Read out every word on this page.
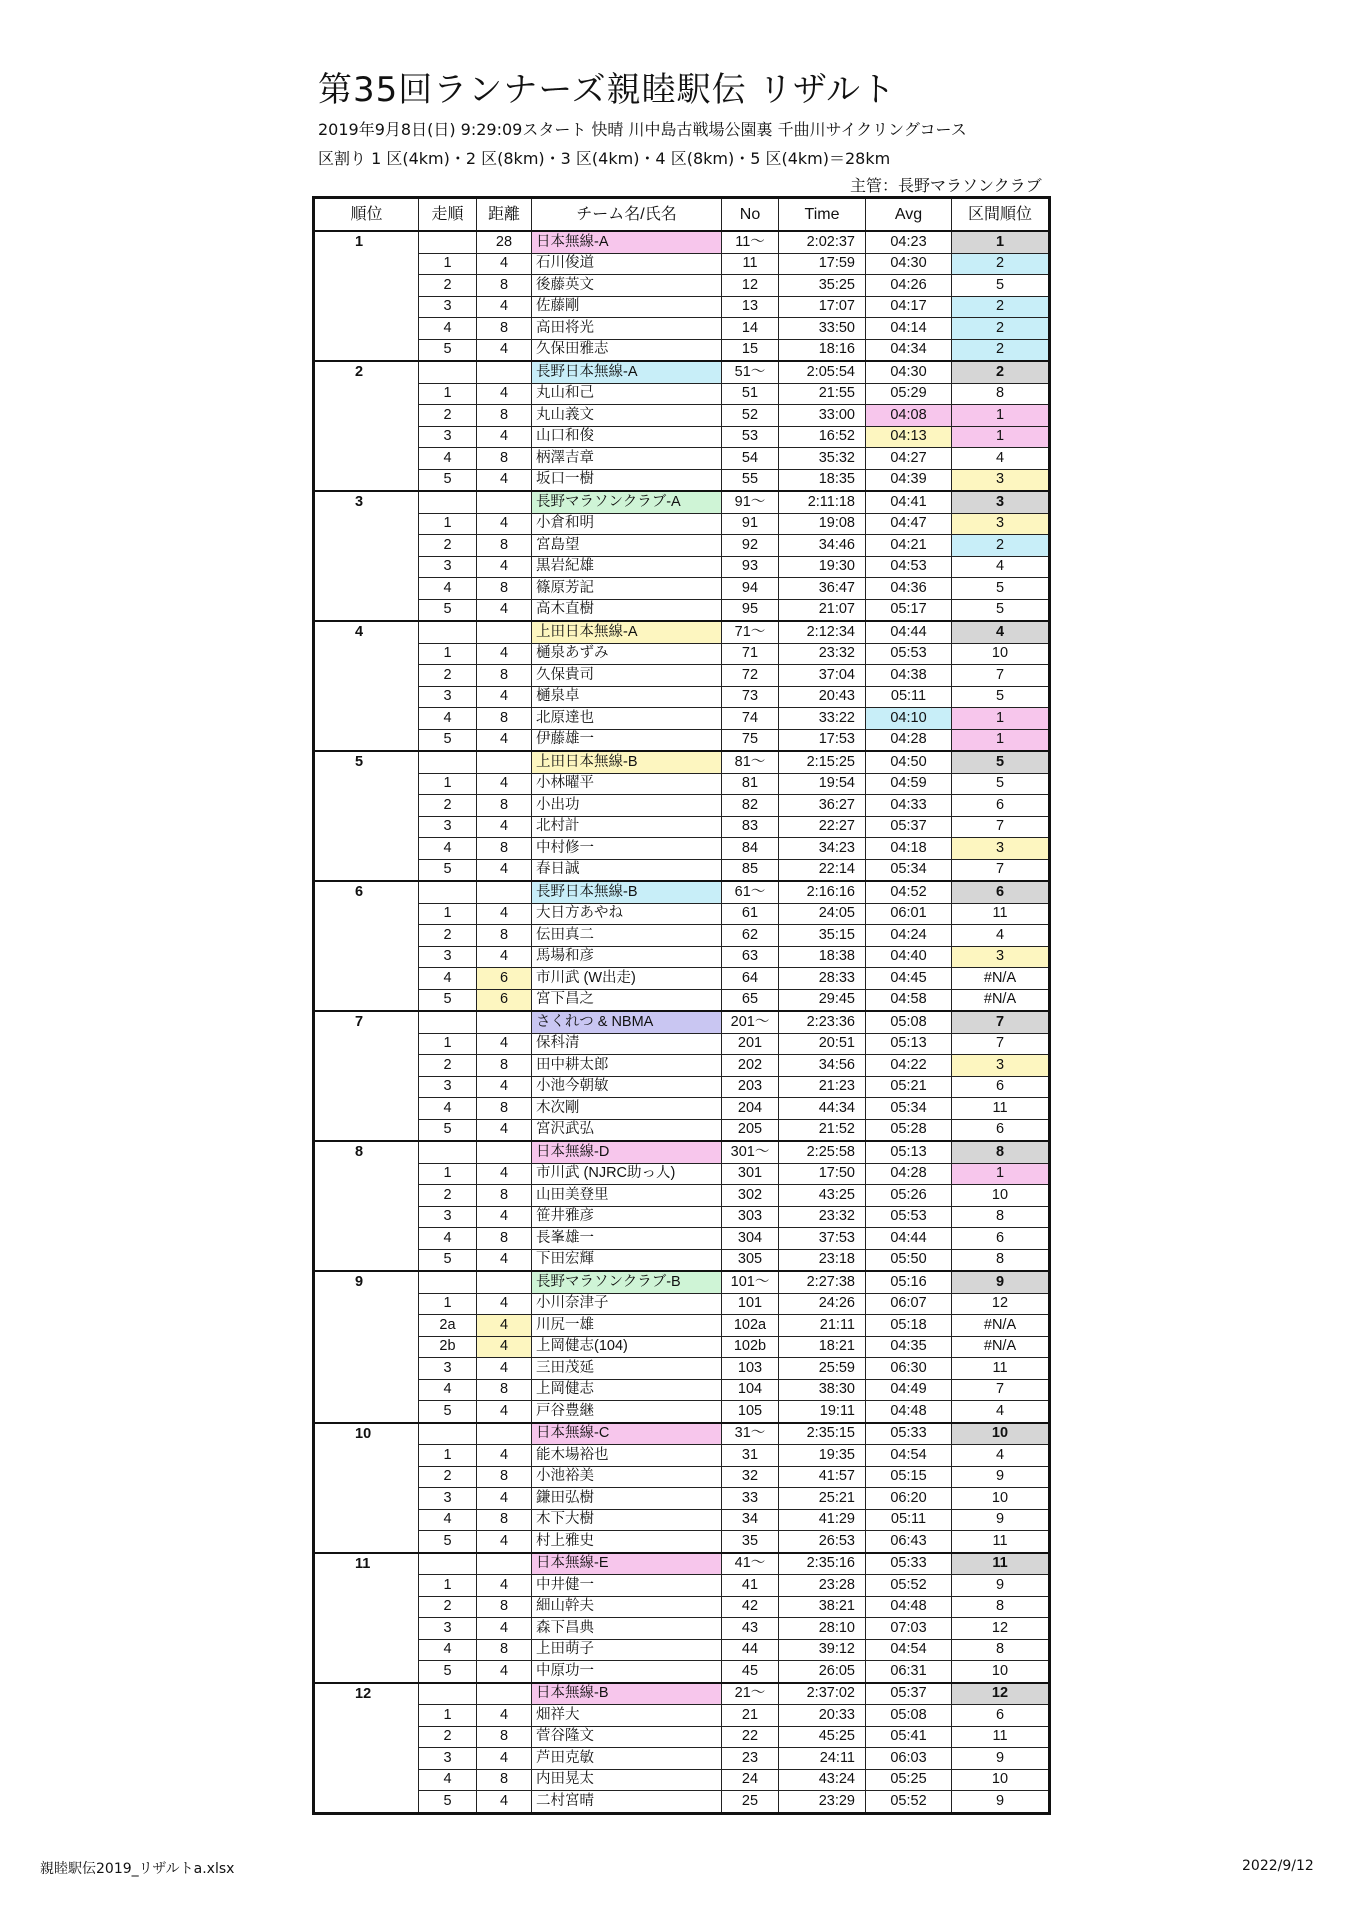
第35回ランナーズ親睦駅伝 リザルト
2019年9月8日(日) 9:29:09スタート 快晴 川中島古戦場公園裏 千曲川サイクリングコース
区割り 1 区(4km)・2 区(8km)・3 区(4km)・4 区(8km)・5 区(4km)＝28km
主管：長野マラソンクラブ
順位	走順	距離	チーム名/氏名	No	Time	Avg	区間順位
1		28	日本無線-A	11～	2:02:37	04:23	1
	1	4	石川俊道	11	17:59	04:30	2
	2	8	後藤英文	12	35:25	04:26	5
	3	4	佐藤剛	13	17:07	04:17	2
	4	8	高田将光	14	33:50	04:14	2
	5	4	久保田雅志	15	18:16	04:34	2
2			長野日本無線-A	51～	2:05:54	04:30	2
	1	4	丸山和己	51	21:55	05:29	8
	2	8	丸山義文	52	33:00	04:08	1
	3	4	山口和俊	53	16:52	04:13	1
	4	8	柄澤吉章	54	35:32	04:27	4
	5	4	坂口一樹	55	18:35	04:39	3
3			長野マラソンクラブ-A	91～	2:11:18	04:41	3
	1	4	小倉和明	91	19:08	04:47	3
	2	8	宮島望	92	34:46	04:21	2
	3	4	黒岩紀雄	93	19:30	04:53	4
	4	8	篠原芳記	94	36:47	04:36	5
	5	4	高木直樹	95	21:07	05:17	5
4			上田日本無線-A	71～	2:12:34	04:44	4
	1	4	樋泉あずみ	71	23:32	05:53	10
	2	8	久保貴司	72	37:04	04:38	7
	3	4	樋泉卓	73	20:43	05:11	5
	4	8	北原達也	74	33:22	04:10	1
	5	4	伊藤雄一	75	17:53	04:28	1
5			上田日本無線-B	81～	2:15:25	04:50	5
	1	4	小林曜平	81	19:54	04:59	5
	2	8	小出功	82	36:27	04:33	6
	3	4	北村計	83	22:27	05:37	7
	4	8	中村修一	84	34:23	04:18	3
	5	4	春日誠	85	22:14	05:34	7
6			長野日本無線-B	61～	2:16:16	04:52	6
	1	4	大日方あやね	61	24:05	06:01	11
	2	8	伝田真二	62	35:15	04:24	4
	3	4	馬場和彦	63	18:38	04:40	3
	4	6	市川武 (W出走)	64	28:33	04:45	#N/A
	5	6	宮下昌之	65	29:45	04:58	#N/A
7			さくれつ & NBMA	201～	2:23:36	05:08	7
	1	4	保科清	201	20:51	05:13	7
	2	8	田中耕太郎	202	34:56	04:22	3
	3	4	小池今朝敏	203	21:23	05:21	6
	4	8	木次剛	204	44:34	05:34	11
	5	4	宮沢武弘	205	21:52	05:28	6
8			日本無線-D	301～	2:25:58	05:13	8
	1	4	市川武 (NJRC助っ人)	301	17:50	04:28	1
	2	8	山田美登里	302	43:25	05:26	10
	3	4	笹井雅彦	303	23:32	05:53	8
	4	8	長峯雄一	304	37:53	04:44	6
	5	4	下田宏輝	305	23:18	05:50	8
9			長野マラソンクラブ-B	101～	2:27:38	05:16	9
	1	4	小川奈津子	101	24:26	06:07	12
	2a	4	川尻一雄	102a	21:11	05:18	#N/A
	2b	4	上岡健志(104)	102b	18:21	04:35	#N/A
	3	4	三田茂延	103	25:59	06:30	11
	4	8	上岡健志	104	38:30	04:49	7
	5	4	戸谷豊継	105	19:11	04:48	4
10			日本無線-C	31～	2:35:15	05:33	10
	1	4	能木場裕也	31	19:35	04:54	4
	2	8	小池裕美	32	41:57	05:15	9
	3	4	鎌田弘樹	33	25:21	06:20	10
	4	8	木下大樹	34	41:29	05:11	9
	5	4	村上雅史	35	26:53	06:43	11
11			日本無線-E	41～	2:35:16	05:33	11
	1	4	中井健一	41	23:28	05:52	9
	2	8	細山幹夫	42	38:21	04:48	8
	3	4	森下昌典	43	28:10	07:03	12
	4	8	上田萌子	44	39:12	04:54	8
	5	4	中原功一	45	26:05	06:31	10
12			日本無線-B	21～	2:37:02	05:37	12
	1	4	畑祥大	21	20:33	05:08	6
	2	8	菅谷隆文	22	45:25	05:41	11
	3	4	芦田克敏	23	24:11	06:03	9
	4	8	内田晃太	24	43:24	05:25	10
	5	4	二村宮晴	25	23:29	05:52	9
親睦駅伝2019_リザルトa.xlsx	2022/9/12
